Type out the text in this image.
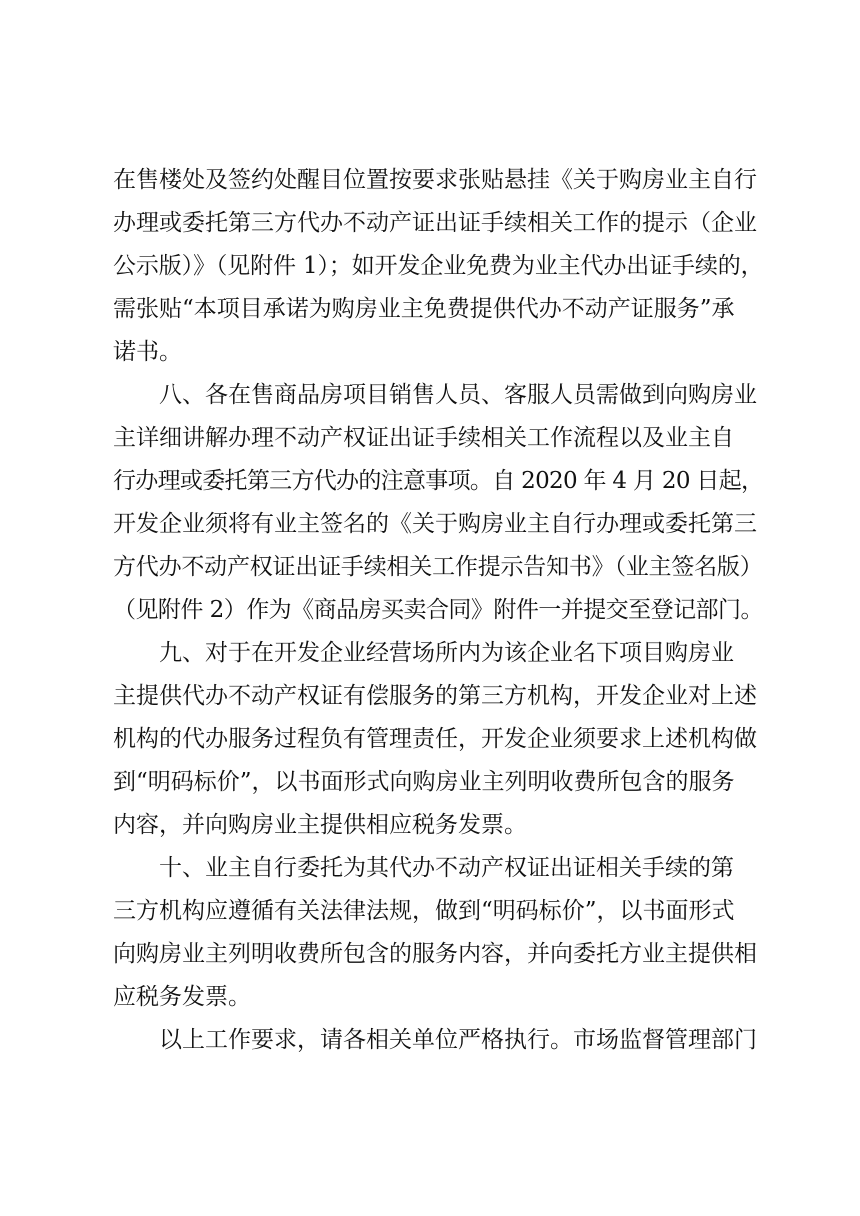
在售楼处及签约处醒目位置按要求张贴悬挂《关于购房业主自行
办理或委托第三方代办不动产证出证手续相关工作的提示（企业
公示版）》（见附件 1）；如开发企业免费为业主代办出证手续的，
需张贴“本项目承诺为购房业主免费提供代办不动产证服务”承
诺书。
　　八、各在售商品房项目销售人员、客服人员需做到向购房业
主详细讲解办理不动产权证出证手续相关工作流程以及业主自
行办理或委托第三方代办的注意事项。自 2020 年 4 月 20 日起，
开发企业须将有业主签名的《关于购房业主自行办理或委托第三
方代办不动产权证出证手续相关工作提示告知书》（业主签名版）
（见附件 2）作为《商品房买卖合同》附件一并提交至登记部门。
　　九、对于在开发企业经营场所内为该企业名下项目购房业
主提供代办不动产权证有偿服务的第三方机构，开发企业对上述
机构的代办服务过程负有管理责任，开发企业须要求上述机构做
到“明码标价”，以书面形式向购房业主列明收费所包含的服务
内容，并向购房业主提供相应税务发票。
　　十、业主自行委托为其代办不动产权证出证相关手续的第
三方机构应遵循有关法律法规，做到“明码标价”，以书面形式
向购房业主列明收费所包含的服务内容，并向委托方业主提供相
应税务发票。
　　以上工作要求，请各相关单位严格执行。市场监督管理部门
